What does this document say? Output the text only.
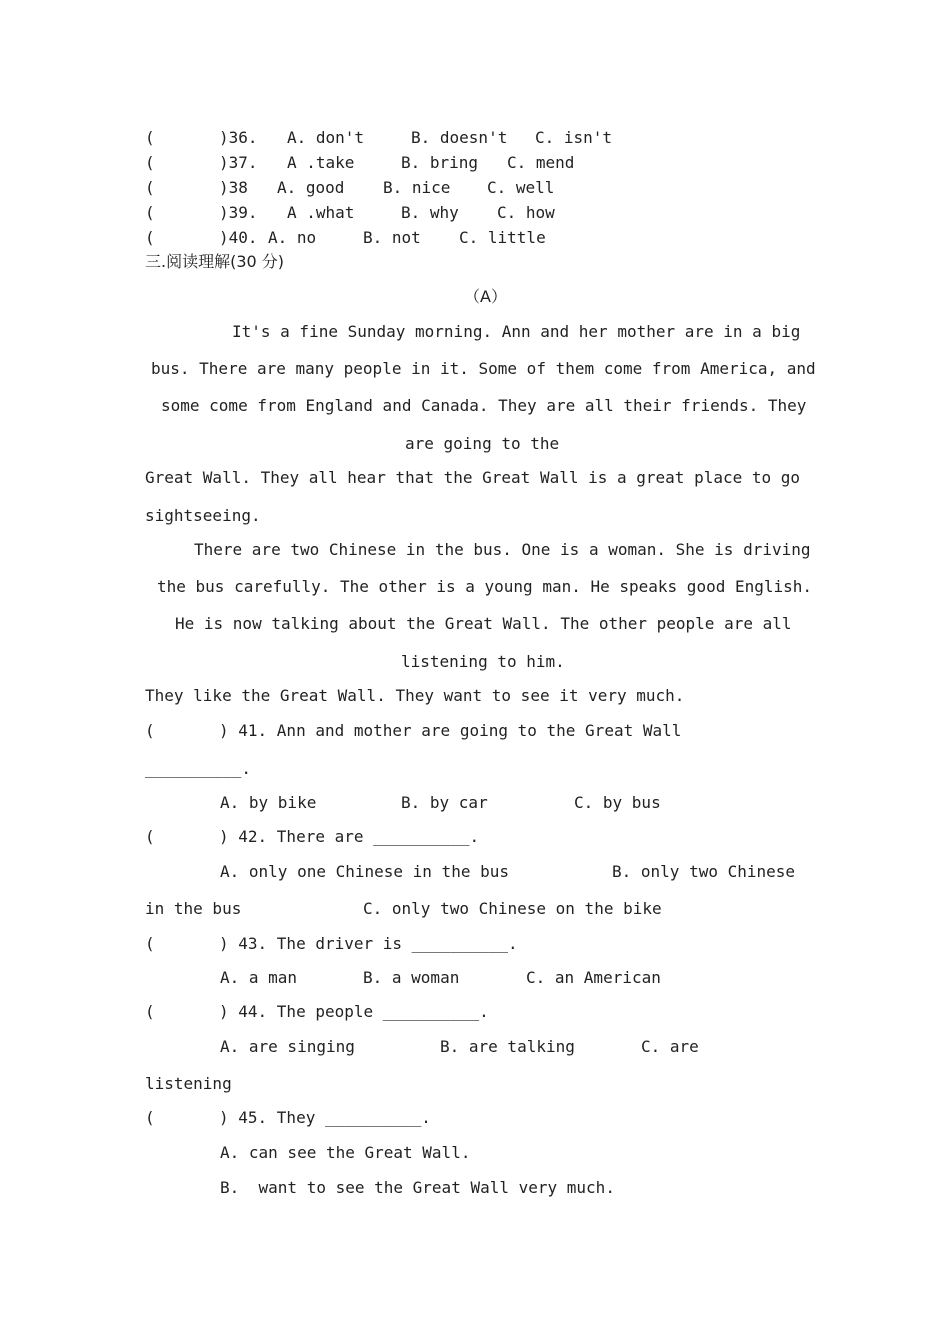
(	)36. A. don't	B. doesn't C. isn't
(	)37. A .take	B. bring C. mend
(	)38 A. good B. nice C. well
(	)39. A .what	B. why C. how
(	)40. A. no	B. not C. little
三.阅读理解(30 分)
（A）
It's a fine Sunday morning. Ann and her mother are in a big
bus. There are many people in it. Some of them come from America, and
some come from England and Canada. They are all their friends. They
are going to the
Great Wall. They all hear that the Great Wall is a great place to go
sightseeing.
There are two Chinese in the bus. One is a woman. She is driving
the bus carefully. The other is a young man. He speaks good English.
He is now talking about the Great Wall. The other people are all
listening to him.
They like the Great Wall. They want to see it very much.
(	) 41. Ann and mother are going to the Great Wall
__________.
A. by bike	B. by car	C. by bus
(	) 42. There are __________.
A. only one Chinese in the bus	B. only two Chinese
in the bus	C. only two Chinese on the bike
(	) 43. The driver is __________.
A. a man	B. a woman	C. an American
(	) 44. The people __________.
A. are singing	B. are talking	C. are
listening
(	) 45. They __________.
A. can see the Great Wall.
B.  want to see the Great Wall very much.
